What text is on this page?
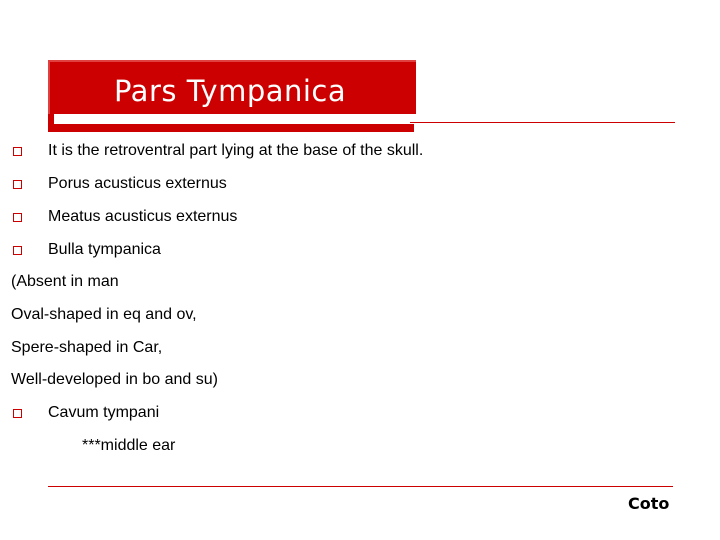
Pars Tympanica
It is the retroventral part lying at the base of the skull.
Porus acusticus externus
Meatus acusticus externus
Bulla tympanica
(Absent in man
Oval-shaped in eq and ov,
Spere-shaped in Car,
Well-developed in bo and su)
Cavum tympani
***middle ear
Coto
